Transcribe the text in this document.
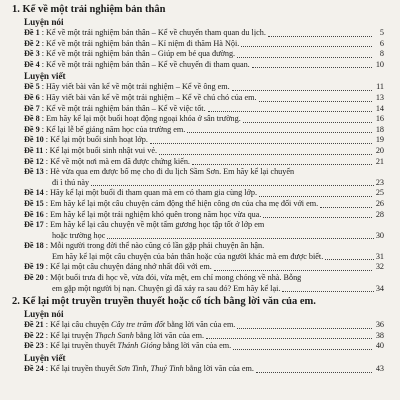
1. Kể về một trải nghiệm bản thân
Luyện nói
Đề 1 : Kể về một trải nghiệm bản thân – Kể về chuyến tham quan du lịch.	5
Đề 2 : Kể về một trải nghiệm bản thân – Kỉ niệm đi thăm Hà Nội.	6
Đề 3 : Kể về một trải nghiệm bản thân – Giúp em bé qua đường.	8
Đề 4 : Kể về một trải nghiệm bản thân – Kể về chuyến đi tham quan.	10
Luyện viết
Đề 5 : Hãy viết bài văn kể về một trải nghiệm – Kể về ông em.	11
Đề 6 : Hãy viết bài văn kể về một trải nghiệm – Kể về chú chó của em.	13
Đề 7 : Kể về một trải nghiệm bản thân – Kể về việc tốt.	14
Đề 8 : Em hãy kể lại một buổi hoạt động ngoại khóa ở sân trường.	16
Đề 9 : Kể lại lễ bế giảng năm học của trường em.	18
Đề 10 : Kể lại một buổi sinh hoạt lớp.	19
Đề 11 : Kể lại một buổi sinh nhật vui vẻ.	20
Đề 12 : Kể về một nơi mà em đã được chứng kiến.	21
Đề 13 : Hè vừa qua em được bố mẹ cho đi du lịch Sầm Sơn. Em hãy kể lại chuyến
đi ì thú này	23
Đề 14 : Hãy kể lại một buổi đi tham quan mà em có tham gia cùng lớp.	25
Đề 15 : Em hãy kể lại một câu chuyện cảm động thể hiện công ơn của cha mẹ đối với em.	26
Đề 16 : Em hãy kể lại một trải nghiệm khó quên trong năm học vừa qua.	28
Đề 17 : Em hãy kể lại câu chuyện về một tấm gương học tập tốt ở lớp em
hoặc trường học	30
Đề 18 : Mỗi người trong đời thể nào cũng có lần gặp phải chuyện ân hận.
Em hãy kể lại một câu chuyện của bản thân hoặc của người khác mà em được biết.	31
Đề 19 : Kể lại một câu chuyện đáng nhớ nhất đối với em.	32
Đề 20 : Một buổi trưa đi học về, vừa đói, vừa mệt, em chỉ mong chóng về nhà. Bỗng
em gặp một người bị nạn. Chuyện gì đã xảy ra sau đó? Em hãy kể lại.	34
2. Kể lại một truyền truyền thuyết hoặc cổ tích bằng lời văn của em.
Luyện nói
Đề 21 : Kể lại câu chuyện Cây tre trăm đốt bằng lời văn của em.	36
Đề 22 : Kể lại truyện Thạch Sanh bằng lời văn của em.	38
Đề 23 : Kể lại truyền thuyết Thánh Gióng bằng lời văn của em.	40
Luyện viết
Đề 24 : Kể lại truyền thuyết Sơn Tinh, Thuỷ Tinh bằng lời văn của em.	43
